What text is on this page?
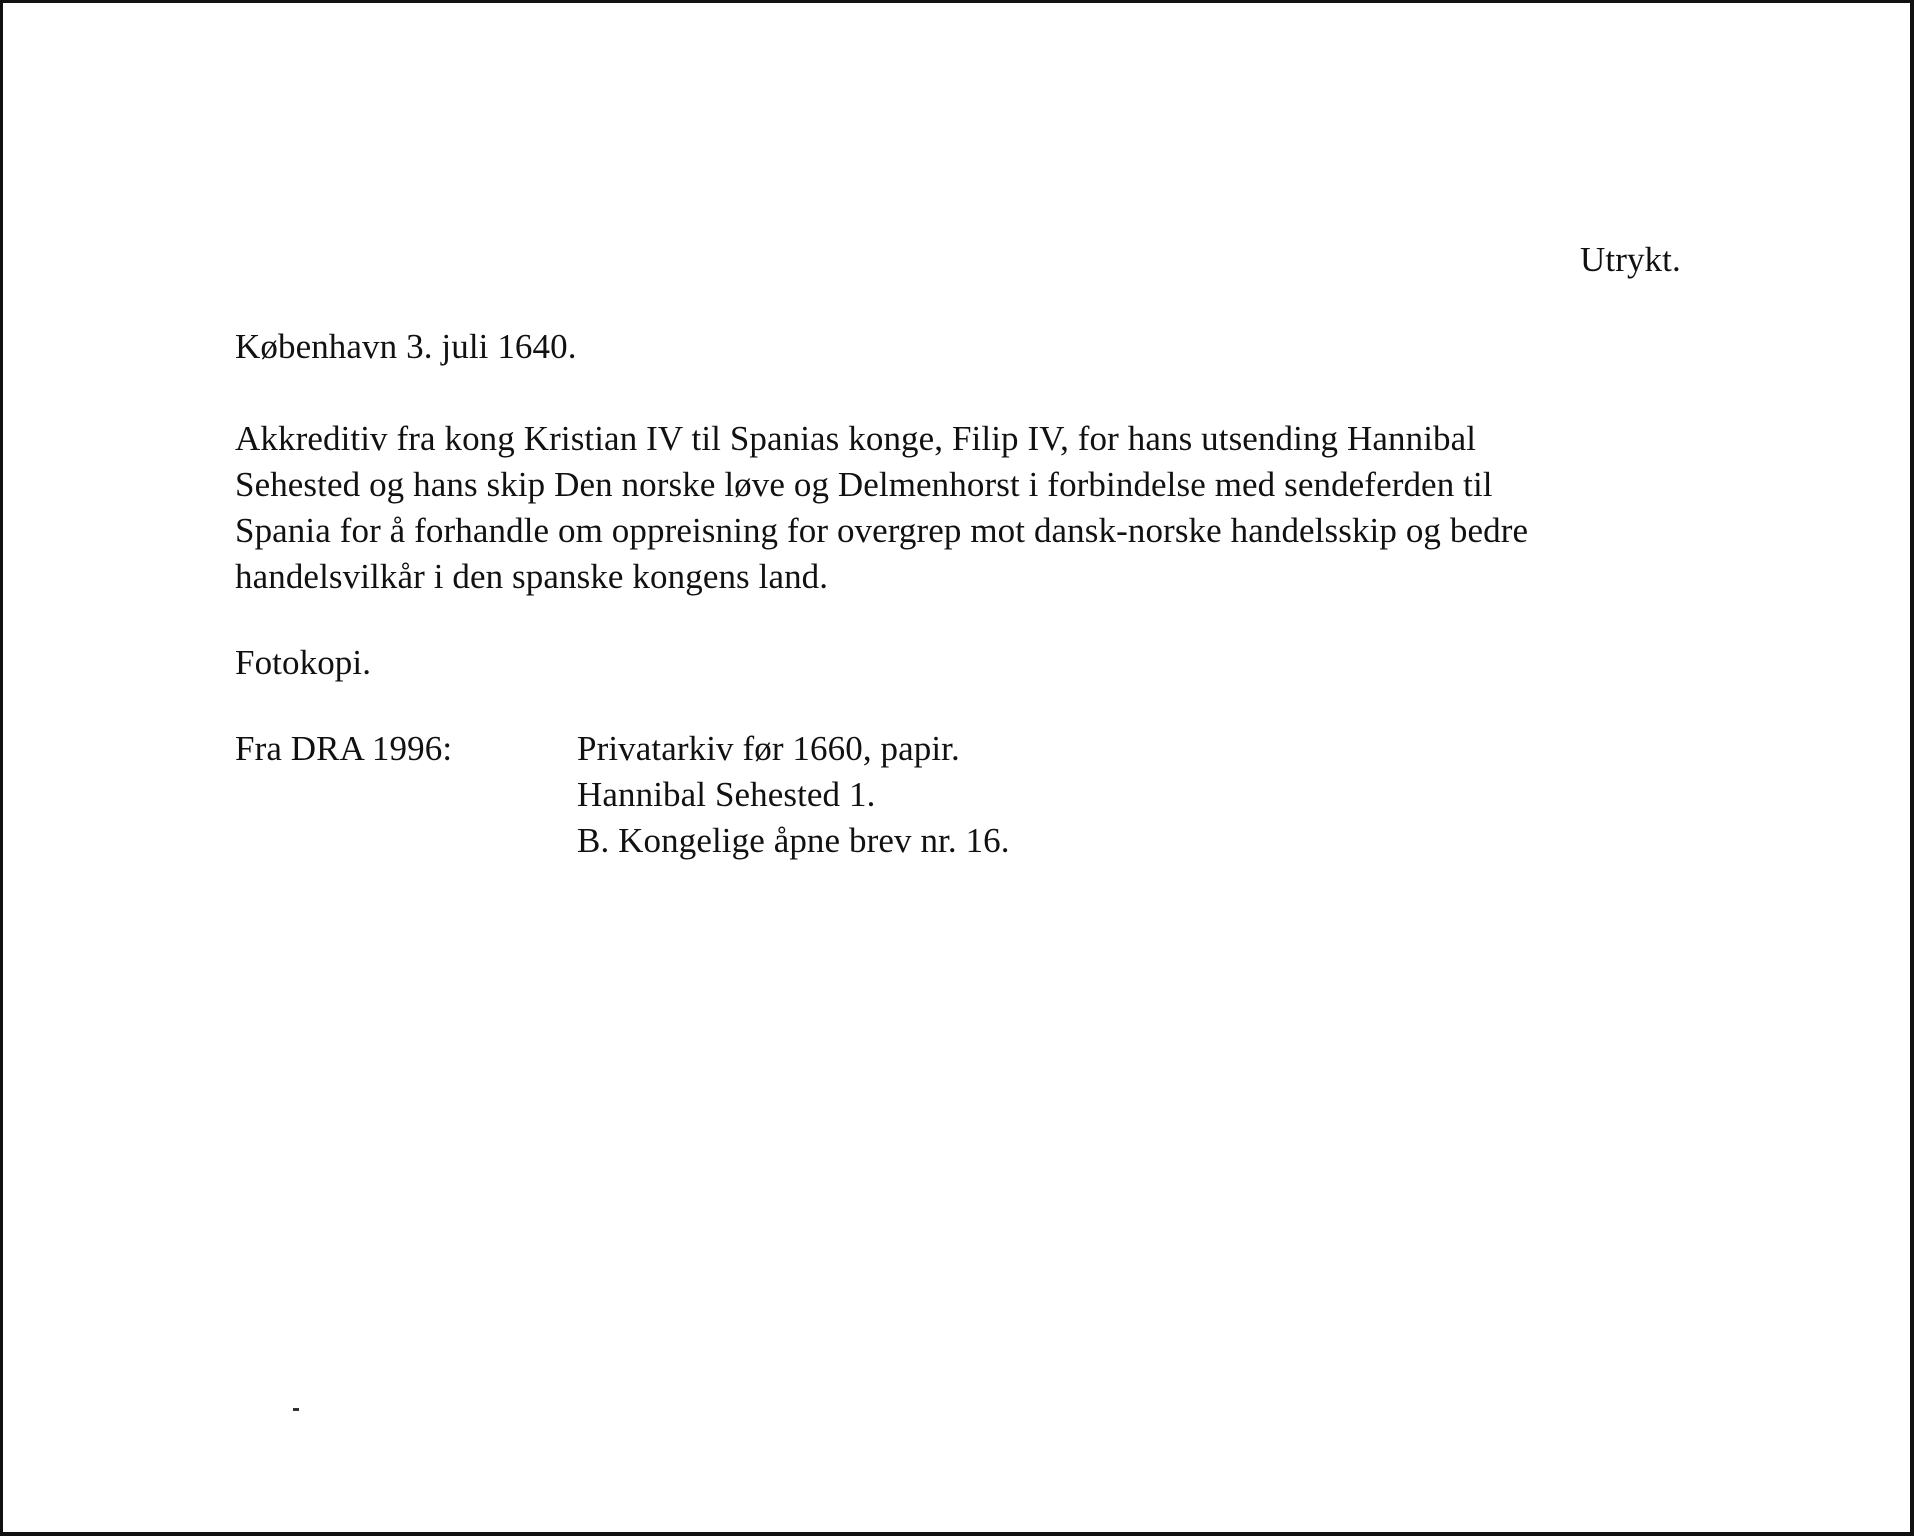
Utrykt.
København 3. juli 1640.
Akkreditiv fra kong Kristian IV til Spanias konge, Filip IV, for hans utsending Hannibal
Sehested og hans skip Den norske løve og Delmenhorst i forbindelse med sendeferden til
Spania for å forhandle om oppreisning for overgrep mot dansk-norske handelsskip og bedre
handelsvilkår i den spanske kongens land.
Fotokopi.
Fra DRA 1996:	Privatarkiv før 1660, papir.
Hannibal Sehested 1.
B. Kongelige åpne brev nr. 16.
